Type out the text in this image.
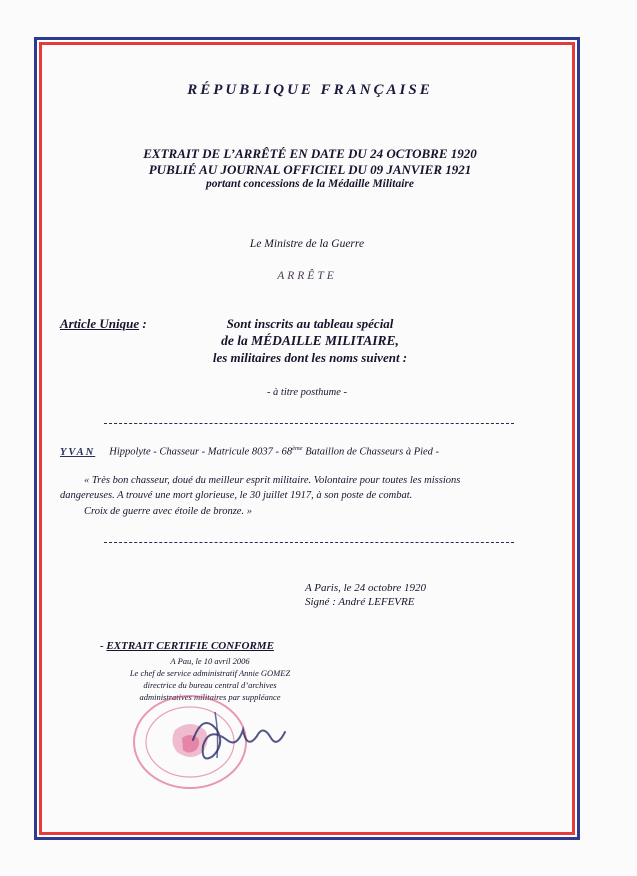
RÉPUBLIQUE FRANÇAISE
EXTRAIT DE L’ARRÊTÉ EN DATE DU 24 OCTOBRE 1920
PUBLIÉ AU JOURNAL OFFICIEL DU 09 JANVIER 1921
portant concessions de la Médaille Militaire
Le Ministre de la Guerre
ARRÊTE
Article Unique :	Sont inscrits au tableau spécial
de la MÉDAILLE MILITAIRE,
les militaires dont les noms suivent :
- à titre posthume -
YVAN Hippolyte - Chasseur - Matricule 8037 - 68ème Bataillon de Chasseurs à Pied -
« Très bon chasseur, doué du meilleur esprit militaire. Volontaire pour toutes les missions
dangereuses. A trouvé une mort glorieuse, le 30 juillet 1917, à son poste de combat.
Croix de guerre avec étoile de bronze. »
A Paris, le 24 octobre 1920
Signé : André LEFEVRE
- EXTRAIT CERTIFIE CONFORME
A Pau, le 10 avril 2006
Le chef de service administratif Annie GOMEZ
directrice du bureau central d’archives
administratives militaires par suppléance
